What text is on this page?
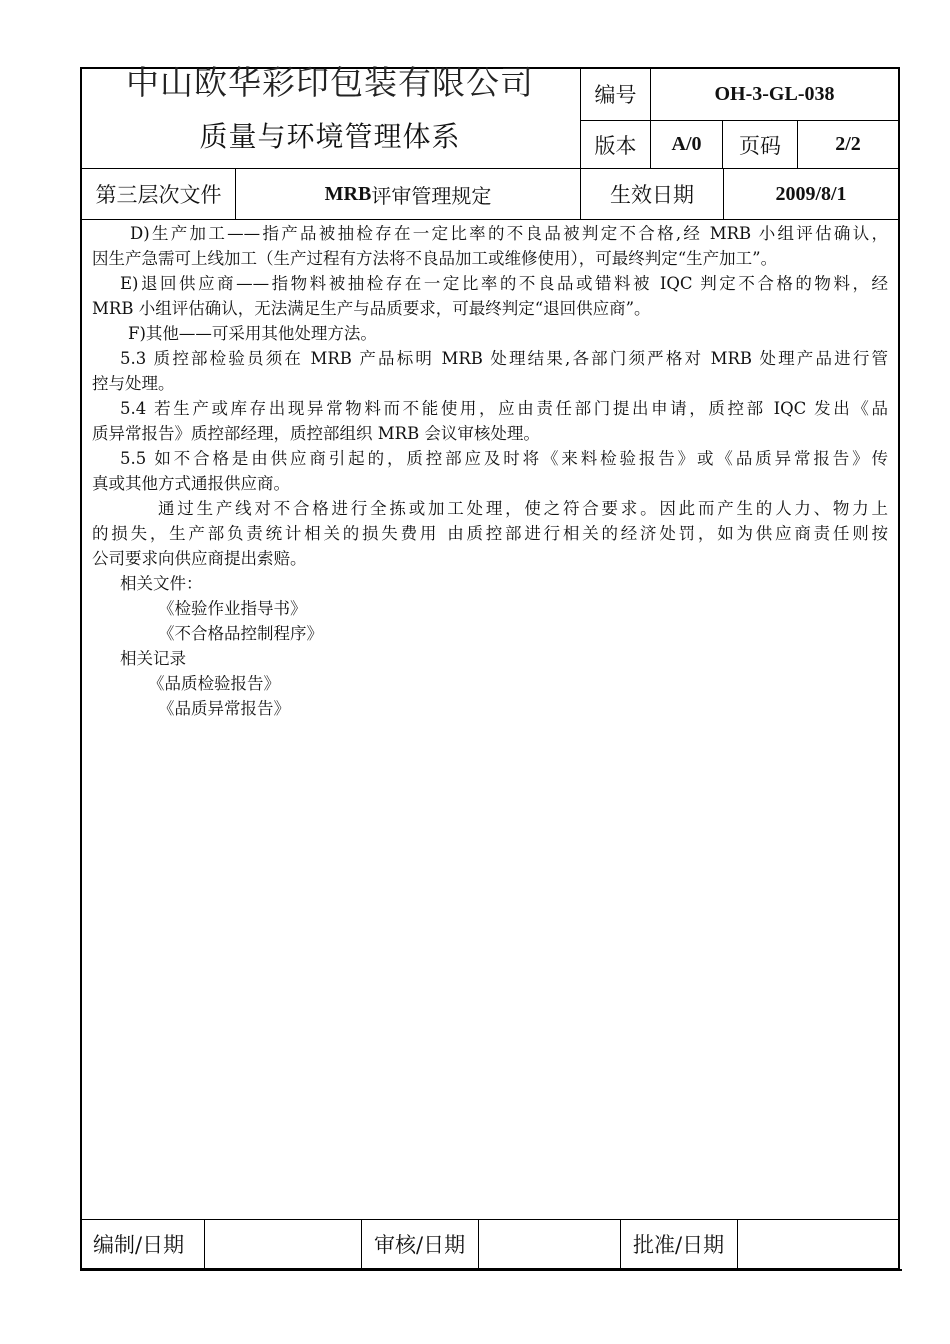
中山欧华彩印包装有限公司
质量与环境管理体系
编号	OH-3-GL-038
版本	A/0	页码	2/2
第三层次文件	MRB 评审管理规定	生效日期	2009/8/1

D)生产加工——指产品被抽检存在一定比率的不良品被判定不合格,经 MRB 小组评估确认，

因生产急需可上线加工（生产过程有方法将不良品加工或维修使用），可最终判定“生产加工”。

E)退回供应商——指物料被抽检存在一定比率的不良品或错料被 IQC 判定不合格的物料，经

MRB 小组评估确认，无法满足生产与品质要求，可最终判定“退回供应商”。

F)其他——可采用其他处理方法。

5.3 质控部检验员须在 MRB 产品标明 MRB 处理结果,各部门须严格对 MRB 处理产品进行管

控与处理。

5.4 若生产或库存出现异常物料而不能使用，应由责任部门提出申请，质控部 IQC 发出《品

质异常报告》质控部经理，质控部组织 MRB 会议审核处理。

5.5 如不合格是由供应商引起的，质控部应及时将《来料检验报告》或《品质异常报告》传

真或其他方式通报供应商。

通过生产线对不合格进行全拣或加工处理，使之符合要求。因此而产生的人力、物力上

的损失，生产部负责统计相关的损失费用 由质控部进行相关的经济处罚，如为供应商责任则按

公司要求向供应商提出索赔。

相关文件：

《检验作业指导书》

《不合格品控制程序》

相关记录

《品质检验报告》

《品质异常报告》

编制/日期	审核/日期	批准/日期
